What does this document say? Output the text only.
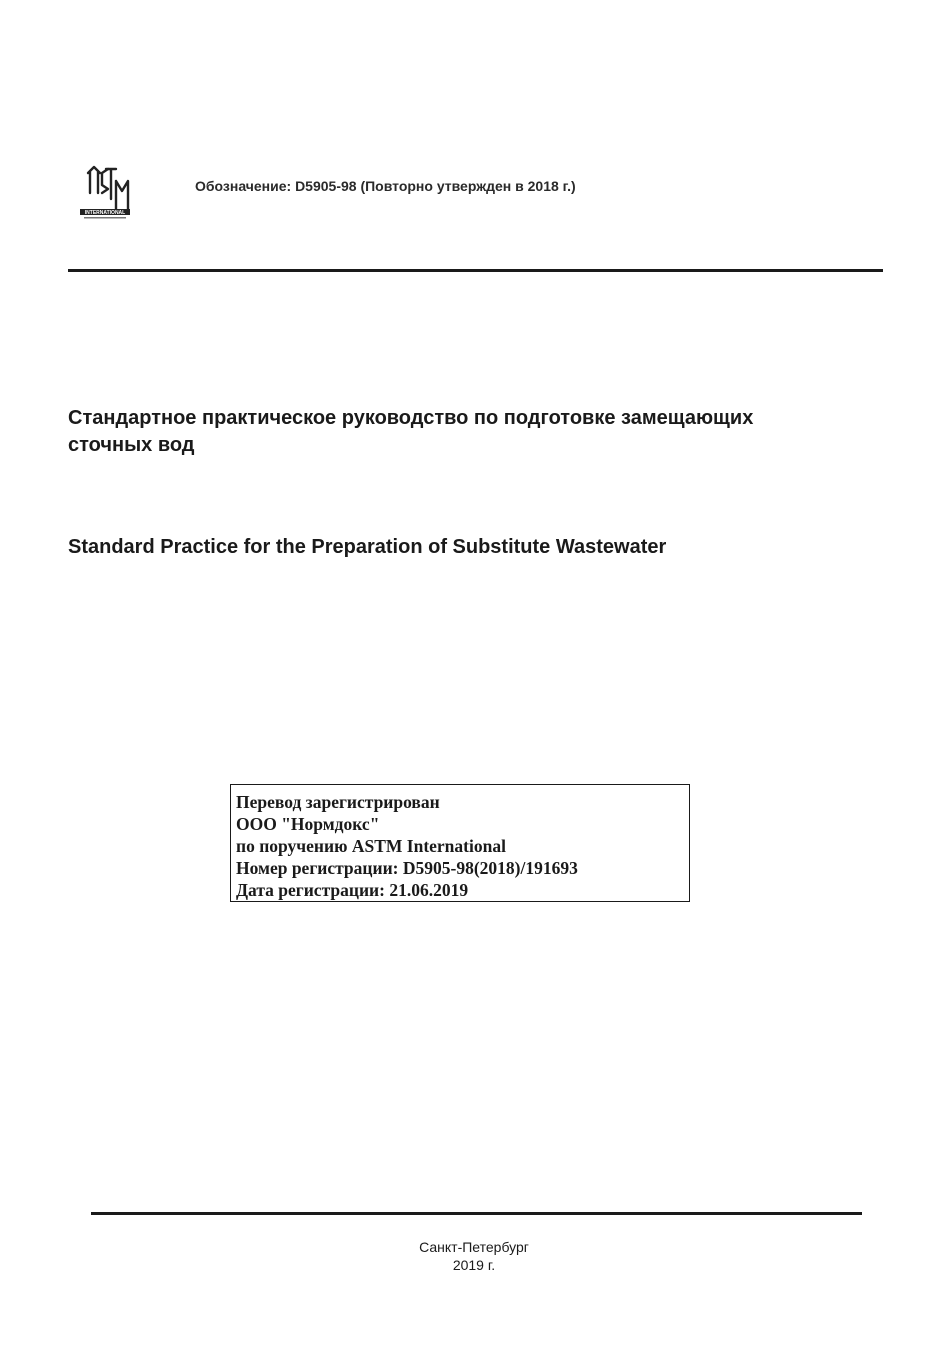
INTERNATIONAL
Обозначение: D5905-98 (Повторно утвержден в 2018 г.)
Стандартное практическое руководство по подготовке замещающих
сточных вод
Standard Practice for the Preparation of Substitute Wastewater
Перевод зарегистрирован
ООО "Нормдокс"
по поручению ASTM International
Номер регистрации: D5905-98(2018)/191693
Дата регистрации: 21.06.2019
Санкт-Петербург
2019 г.
